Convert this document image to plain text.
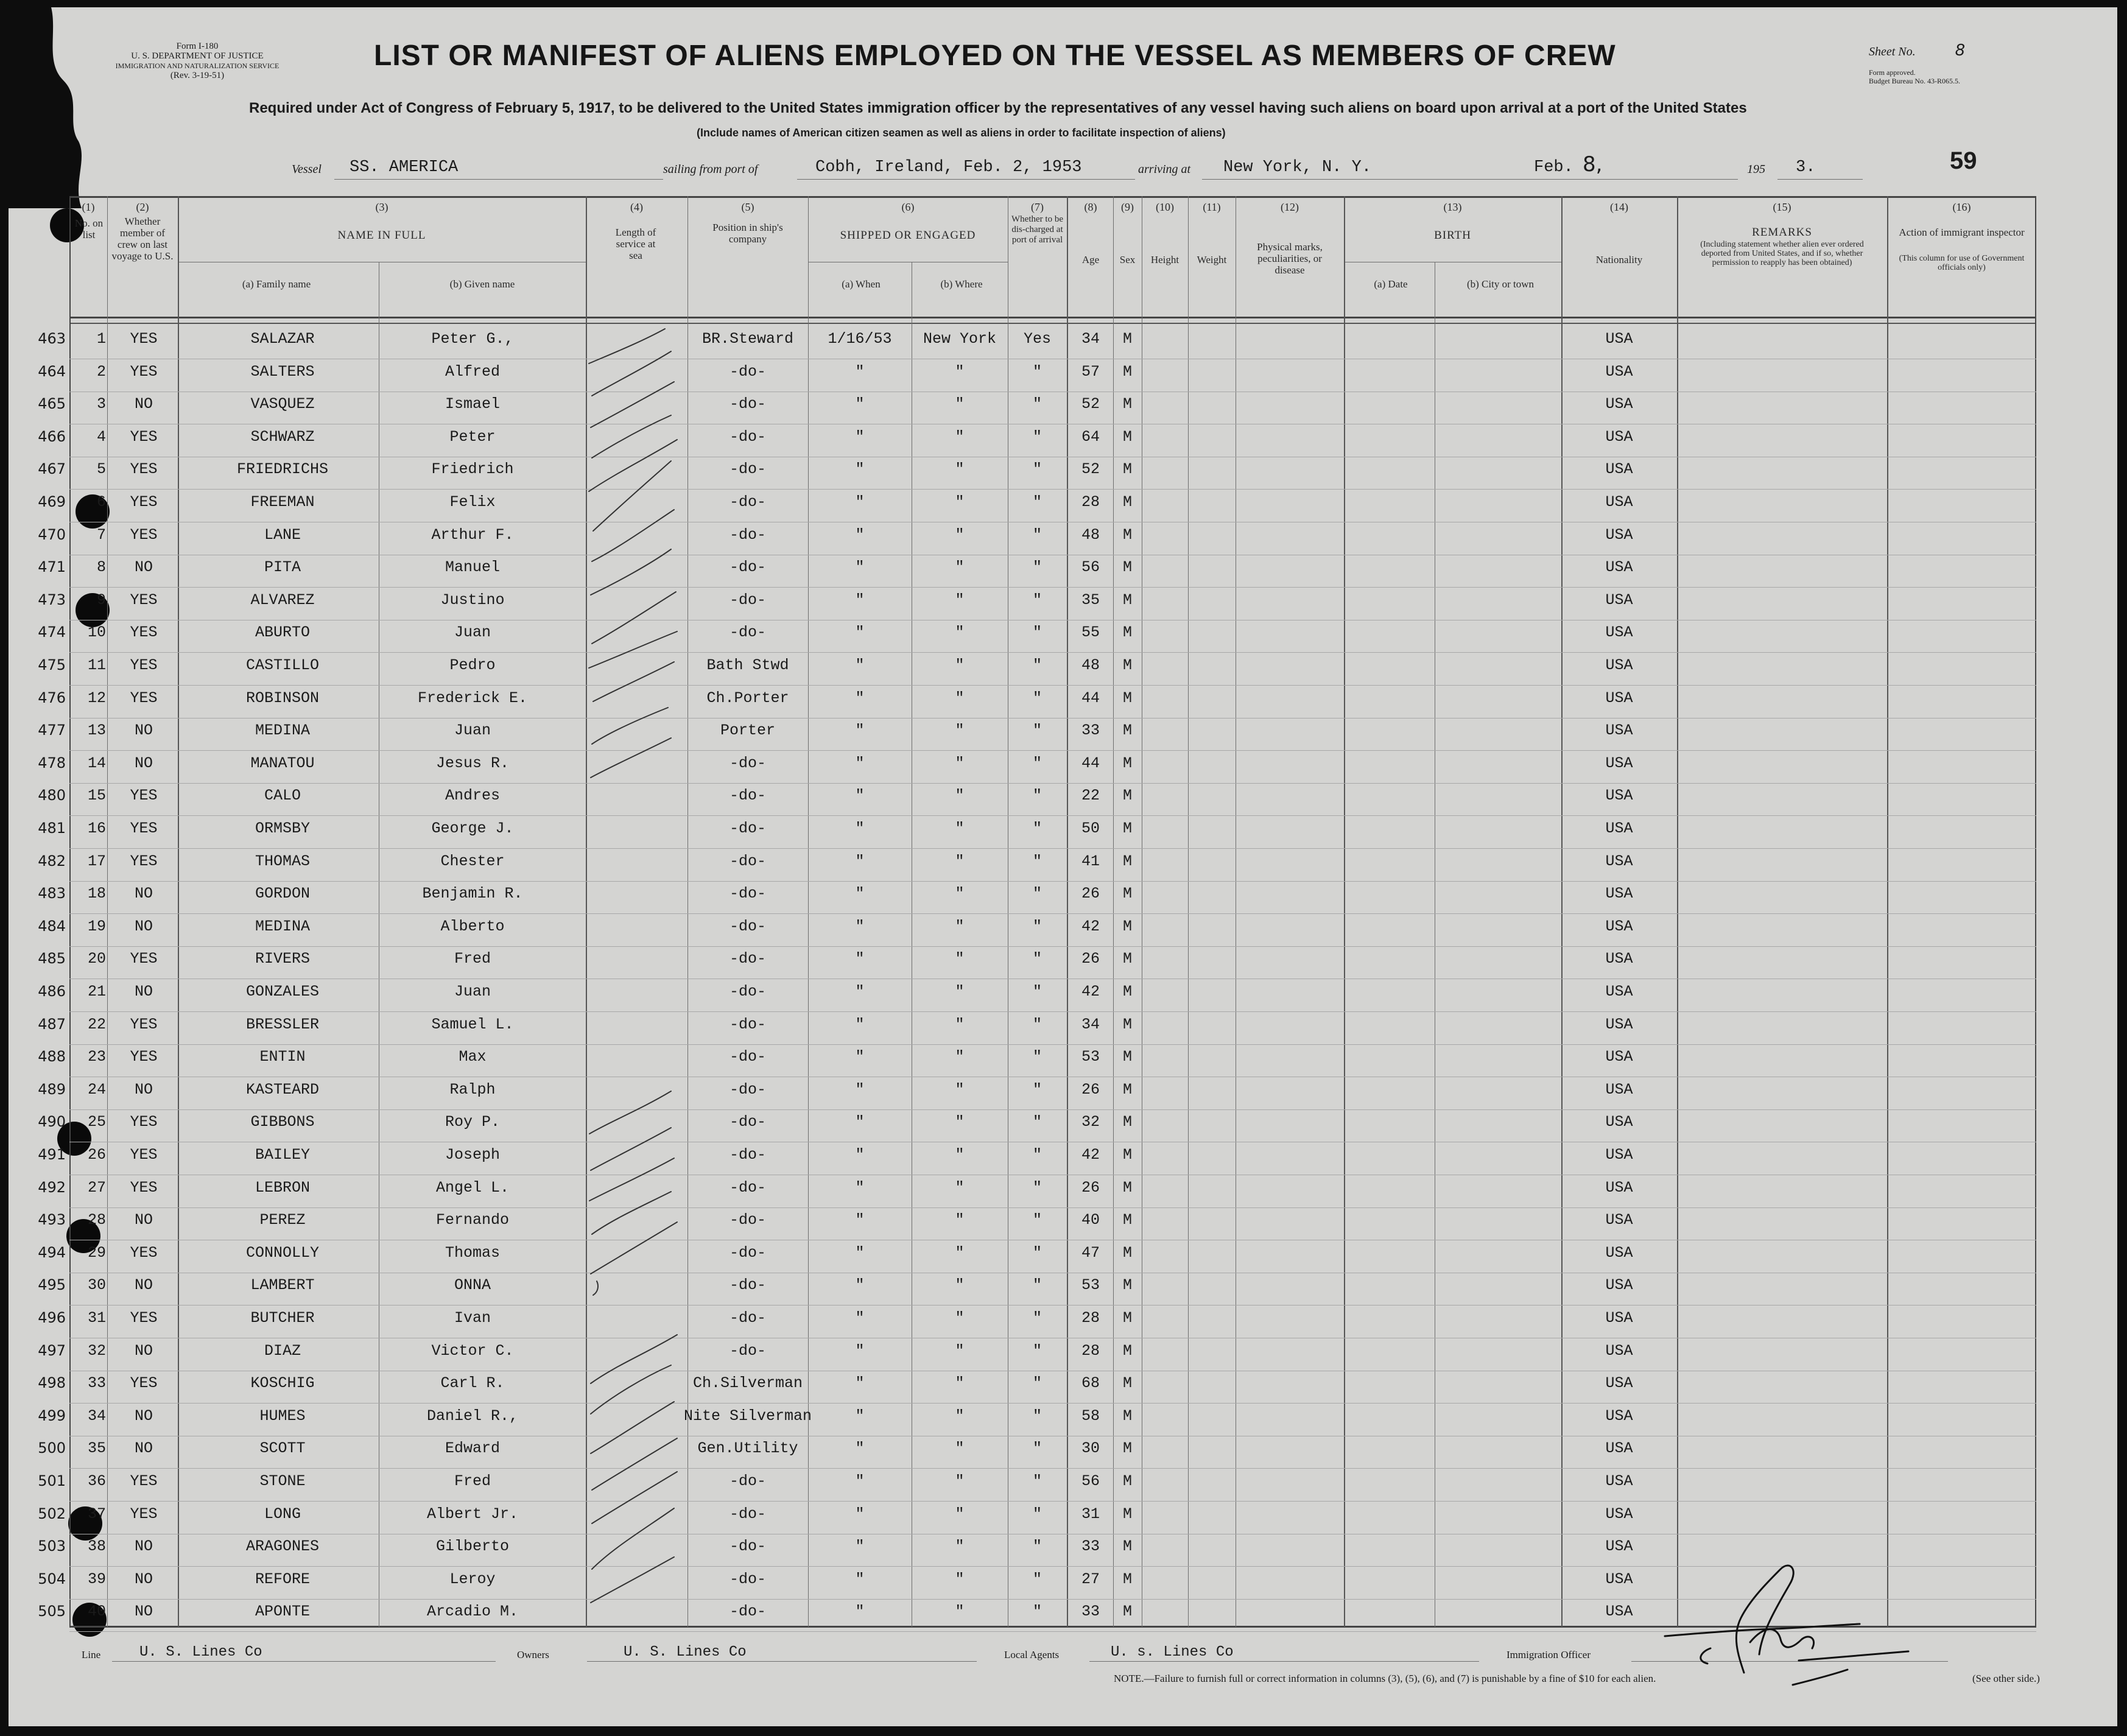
Form I-180
U. S. DEPARTMENT OF JUSTICE
IMMIGRATION AND NATURALIZATION SERVICE
(Rev. 3-19-51)
LIST OR MANIFEST OF ALIENS EMPLOYED ON THE VESSEL AS MEMBERS OF CREW	Sheet No.	8
Form approved.
Budget Bureau No. 43-R065.5.
59
Required under Act of Congress of February 5, 1917, to be delivered to the United States immigration officer by the representatives of any vessel having such aliens on board upon arrival at a port of the United States
(Include names of American citizen seamen as well as aliens in order to facilitate inspection of aliens)
Vessel SS. AMERICA	sailing from port of	Cobh, Ireland, Feb. 2, 1953	arriving at New York, N. Y.	Feb. 8,	195 3.
(1)
No. on list
(2)
Whether member of crew on last voyage to U.S.
(3)
NAME IN FULL
(a) Family name	(b) Given name
(4)
Length of service at sea
(5)
Position in ship's company
(6)
SHIPPED OR ENGAGED
(a) When	(b) Where
(7)
Whether to be dis-charged at port of arrival
(8)
Age
(9)
Sex
(10)
Height
(11)
Weight
(12)
Physical marks, peculiarities, or disease
(13)
BIRTH
(a) Date	(b) City or town
(14)
Nationality
(15)
REMARKS
(Including statement whether alien ever ordered deported from United States, and if so, whether permission to reapply has been obtained)
(16)
Action of immigrant inspector
(This column for use of Government officials only)
463	1	YES	SALAZAR	Peter G.,	BR.Steward	1/16/53	New York	Yes	34	M	USA
464	2	YES	SALTERS	Alfred	-do-	"	"	"	57	M	USA
465	3	NO	VASQUEZ	Ismael	-do-	"	"	"	52	M	USA
466	4	YES	SCHWARZ	Peter	-do-	"	"	"	64	M	USA
467	5	YES	FRIEDRICHS	Friedrich	-do-	"	"	"	52	M	USA
469	6	YES	FREEMAN	Felix	-do-	"	"	"	28	M	USA
470	7	YES	LANE	Arthur F.	-do-	"	"	"	48	M	USA
471	8	NO	PITA	Manuel	-do-	"	"	"	56	M	USA
473	9	YES	ALVAREZ	Justino	-do-	"	"	"	35	M	USA
474	10	YES	ABURTO	Juan	-do-	"	"	"	55	M	USA
475	11	YES	CASTILLO	Pedro	Bath Stwd	"	"	"	48	M	USA
476	12	YES	ROBINSON	Frederick E.	Ch.Porter	"	"	"	44	M	USA
477	13	NO	MEDINA	Juan	Porter	"	"	"	33	M	USA
478	14	NO	MANATOU	Jesus R.	-do-	"	"	"	44	M	USA
480	15	YES	CALO	Andres	-do-	"	"	"	22	M	USA
481	16	YES	ORMSBY	George J.	-do-	"	"	"	50	M	USA
482	17	YES	THOMAS	Chester	-do-	"	"	"	41	M	USA
483	18	NO	GORDON	Benjamin R.	-do-	"	"	"	26	M	USA
484	19	NO	MEDINA	Alberto	-do-	"	"	"	42	M	USA
485	20	YES	RIVERS	Fred	-do-	"	"	"	26	M	USA
486	21	NO	GONZALES	Juan	-do-	"	"	"	42	M	USA
487	22	YES	BRESSLER	Samuel L.	-do-	"	"	"	34	M	USA
488	23	YES	ENTIN	Max	-do-	"	"	"	53	M	USA
489	24	NO	KASTEARD	Ralph	-do-	"	"	"	26	M	USA
490	25	YES	GIBBONS	Roy P.	-do-	"	"	"	32	M	USA
491	26	YES	BAILEY	Joseph	-do-	"	"	"	42	M	USA
492	27	YES	LEBRON	Angel L.	-do-	"	"	"	26	M	USA
493	28	NO	PEREZ	Fernando	-do-	"	"	"	40	M	USA
494	29	YES	CONNOLLY	Thomas	-do-	"	"	"	47	M	USA
495	30	NO	LAMBERT	ONNA	-do-	"	"	"	53	M	USA
496	31	YES	BUTCHER	Ivan	-do-	"	"	"	28	M	USA
497	32	NO	DIAZ	Victor C.	-do-	"	"	"	28	M	USA
498	33	YES	KOSCHIG	Carl R.	Ch.Silverman	"	"	"	68	M	USA
499	34	NO	HUMES	Daniel R.,	Nite Silverman	"	"	"	58	M	USA
500	35	NO	SCOTT	Edward	Gen.Utility	"	"	"	30	M	USA
501	36	YES	STONE	Fred	-do-	"	"	"	56	M	USA
502	37	YES	LONG	Albert Jr.	-do-	"	"	"	31	M	USA
503	38	NO	ARAGONES	Gilberto	-do-	"	"	"	33	M	USA
504	39	NO	REFORE	Leroy	-do-	"	"	"	27	M	USA
505	40	NO	APONTE	Arcadio M.	-do-	"	"	"	33	M	USA
Line	U. S. Lines Co	Owners	U. S. Lines Co	Local Agents	U. s. Lines Co	Immigration Officer
NOTE.—Failure to furnish full or correct information in columns (3), (5), (6), and (7) is punishable by a fine of $10 for each alien.	(See other side.)
